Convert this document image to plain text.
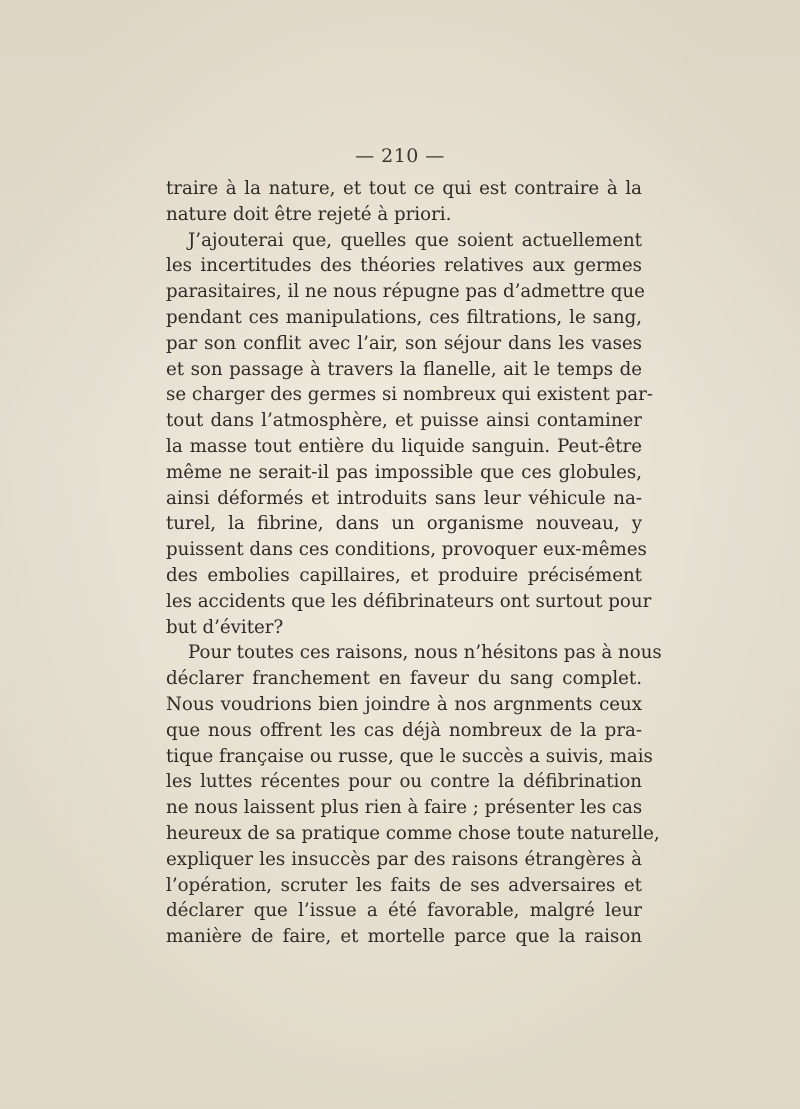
— 210 —
traire à la nature, et tout ce qui est contraire à la
nature doit être rejeté à priori.
J’ajouterai que, quelles que soient actuellement
les incertitudes des théories relatives aux germes
parasitaires, il ne nous répugne pas d’admettre que
pendant ces manipulations, ces filtrations, le sang,
par son conflit avec l’air, son séjour dans les vases
et son passage à travers la flanelle, ait le temps de
se charger des germes si nombreux qui existent par-
tout dans l’atmosphère, et puisse ainsi contaminer
la masse tout entière du liquide sanguin. Peut-être
même ne serait-il pas impossible que ces globules,
ainsi déformés et introduits sans leur véhicule na-
turel, la fibrine, dans un organisme nouveau, y
puissent dans ces conditions, provoquer eux-mêmes
des embolies capillaires, et produire précisément
les accidents que les défibrinateurs ont surtout pour
but d’éviter?
Pour toutes ces raisons, nous n’hésitons pas à nous
déclarer franchement en faveur du sang complet.
Nous voudrions bien joindre à nos argnments ceux
que nous offrent les cas déjà nombreux de la pra-
tique française ou russe, que le succès a suivis, mais
les luttes récentes pour ou contre la défibrination
ne nous laissent plus rien à faire ; présenter les cas
heureux de sa pratique comme chose toute naturelle,
expliquer les insuccès par des raisons étrangères à
l’opération, scruter les faits de ses adversaires et
déclarer que l’issue a été favorable, malgré leur
manière de faire, et mortelle parce que la raison
